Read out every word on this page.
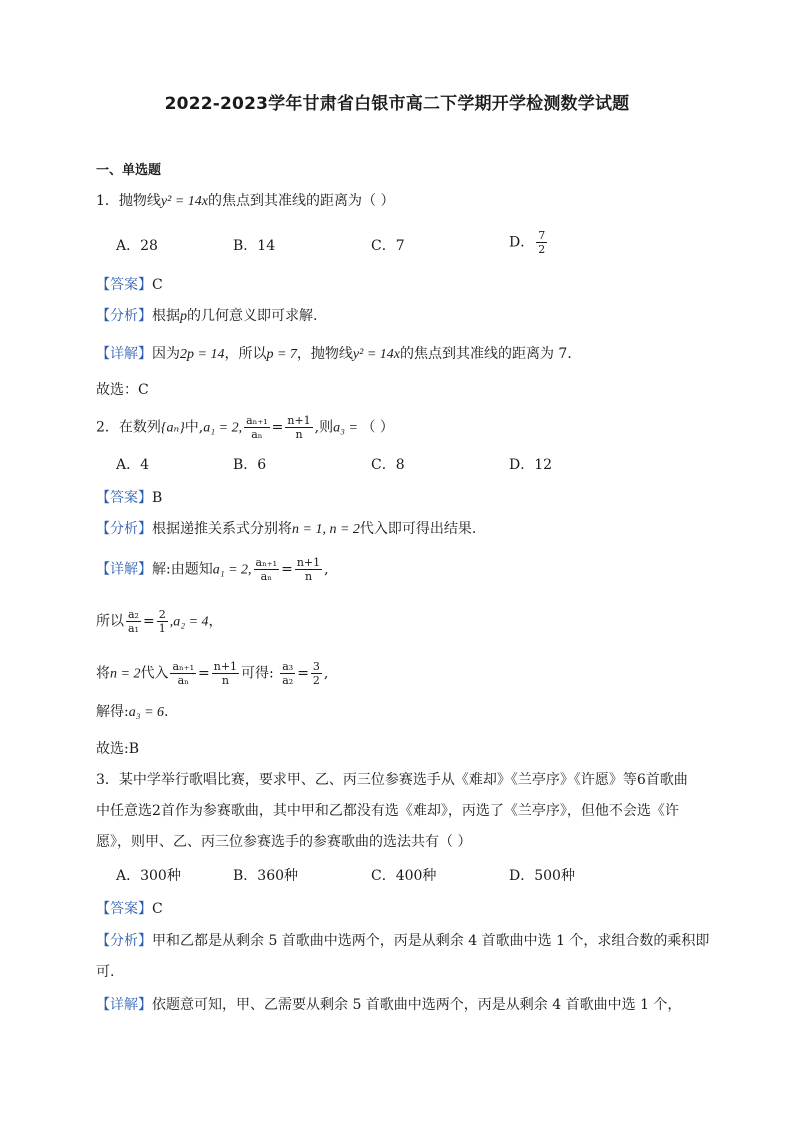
2022-2023学年甘肃省白银市高二下学期开学检测数学试题
一、单选题
1．抛物线y² = 14x的焦点到其准线的距离为（ ）
A．28	B．14	C．7	D． $\frac{7}{2}$
【答案】C
【分析】根据p的几何意义即可求解.
【详解】因为2p = 14，所以p = 7，抛物线y² = 14x的焦点到其准线的距离为 7．
故选：C
2．在数列{aₙ}中,a₁ = 2, $\frac{\text{aₙ₊₁}}{\text{aₙ}} = \frac{n+1}{n}$ ,则a₃ = （ ）
A．4	B．6	C．8	D．12
【答案】B
【分析】根据递推关系式分别将n = 1, n = 2代入即可得出结果.
【详解】解:由题知a₁ = 2, $\frac{\text{aₙ₊₁}}{\text{aₙ}} = \frac{n+1}{n}$ ,
所以 $\frac{\text{a₂}}{\text{a₁}} = \frac{2}{1} ,a_2 = 4$，
将n = 2代入 $\frac{\text{aₙ₊₁}}{\text{aₙ}} = \frac{n+1}{n}$ 可得: $\frac{\text{a₃}}{\text{a₂}} = \frac{3}{2}$ ,
解得:a₃ = 6.
故选:B
3．某中学举行歌唱比赛，要求甲、乙、丙三位参赛选手从《难却》《兰亭序》《许愿》等6首歌曲
中任意选2首作为参赛歌曲，其中甲和乙都没有选《难却》，丙选了《兰亭序》，但他不会选《许
愿》，则甲、乙、丙三位参赛选手的参赛歌曲的选法共有（ ）
A．300种	B．360种	C．400种	D．500种
【答案】C
【分析】甲和乙都是从剩余 5 首歌曲中选两个，丙是从剩余 4 首歌曲中选 1 个，求组合数的乘积即
可.
【详解】依题意可知，甲、乙需要从剩余 5 首歌曲中选两个，丙是从剩余 4 首歌曲中选 1 个，
